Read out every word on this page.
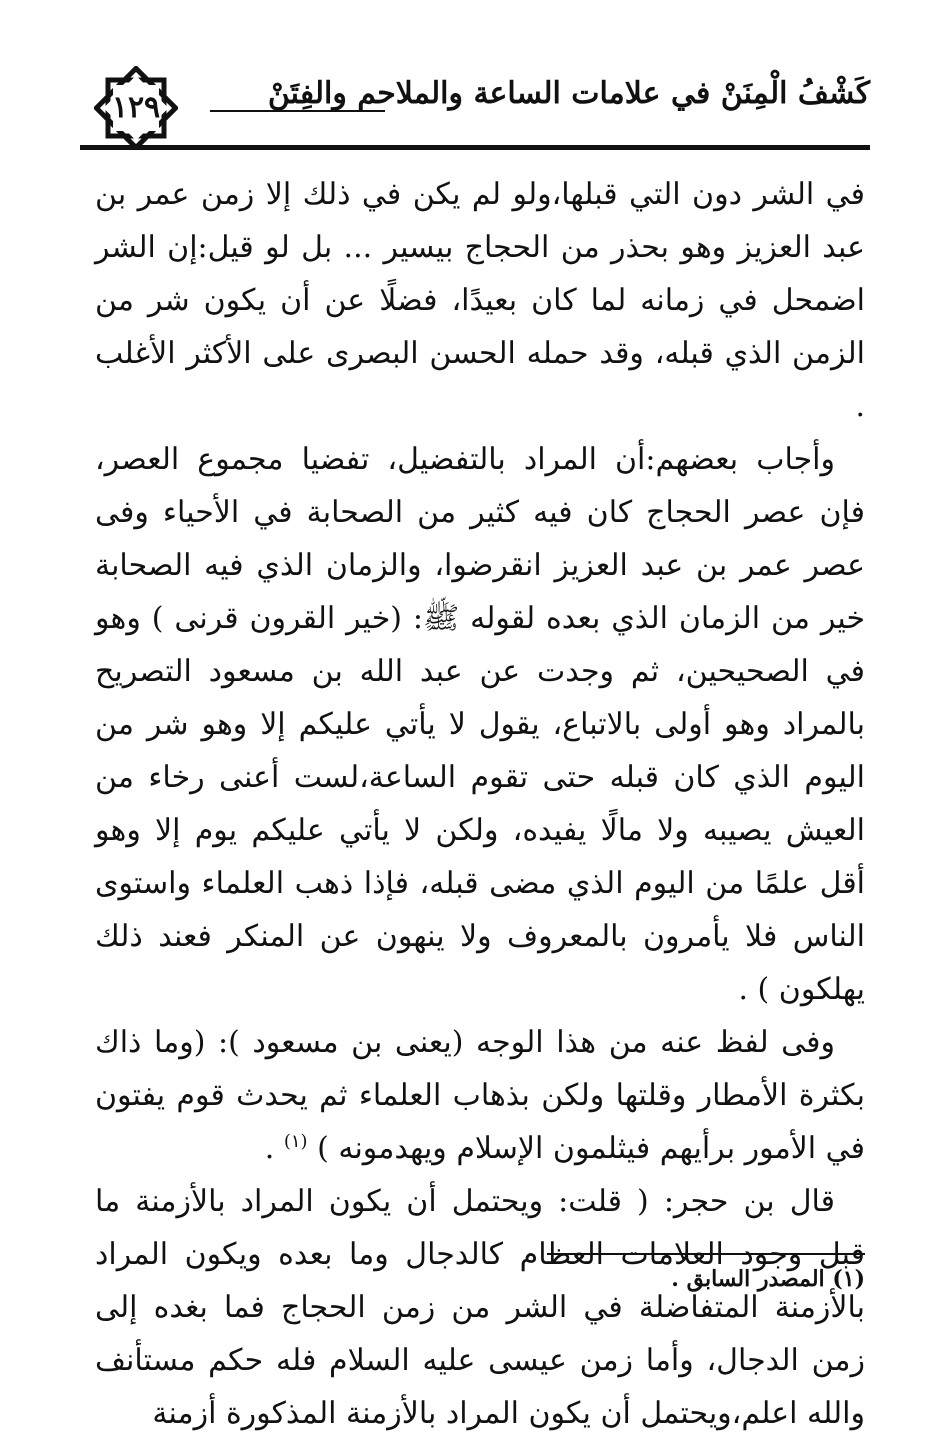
كَشْفُ الْمِنَنْ في علامات الساعة والملاحم والفِتَنْ
١٢٩

في الشر دون التي قبلها،ولو لم يكن في ذلك إلا زمن عمر بن عبد العزيز وهو بحذر من الحجاج بيسير ... بل لو قيل:إن الشر اضمحل في زمانه لما كان بعيدًا، فضلًا عن أن يكون شر من الزمن الذي قبله، وقد حمله الحسن البصرى على الأكثر الأغلب .

وأجاب بعضهم:أن المراد بالتفضيل، تفضيا مجموع العصر، فإن عصر الحجاج كان فيه كثير من الصحابة في الأحياء وفى عصر عمر بن عبد العزيز انقرضوا، والزمان الذي فيه الصحابة خير من الزمان الذي بعده لقوله ﷺ: (خير القرون قرنى ) وهو في الصحيحين، ثم وجدت عن عبد الله بن مسعود التصريح بالمراد وهو أولى بالاتباع، يقول لا يأتي عليكم إلا وهو شر من اليوم الذي كان قبله حتى تقوم الساعة،لست أعنى رخاء من العيش يصيبه ولا مالًا يفيده، ولكن لا يأتي عليكم يوم إلا وهو أقل علمًا من اليوم الذي مضى قبله، فإذا ذهب العلماء واستوى الناس فلا يأمرون بالمعروف ولا ينهون عن المنكر فعند ذلك يهلكون ) .

وفى لفظ عنه من هذا الوجه (يعنى بن مسعود ): (وما ذاك بكثرة الأمطار وقلتها ولكن بذهاب العلماء ثم يحدث قوم يفتون في الأمور برأيهم فيثلمون الإسلام ويهدمونه ) $^{(١)}$ .

قال بن حجر: ( قلت: ويحتمل أن يكون المراد بالأزمنة ما قبل وجود العلامات العظام كالدجال وما بعده ويكون المراد بالأزمنة المتفاضلة في الشر من زمن الحجاج فما بغده إلى زمن الدجال، وأما زمن عيسى عليه السلام فله حكم مستأنف والله اعلم،ويحتمل أن يكون المراد بالأزمنة المذكورة أزمنة

(١) المصدر السابق .
